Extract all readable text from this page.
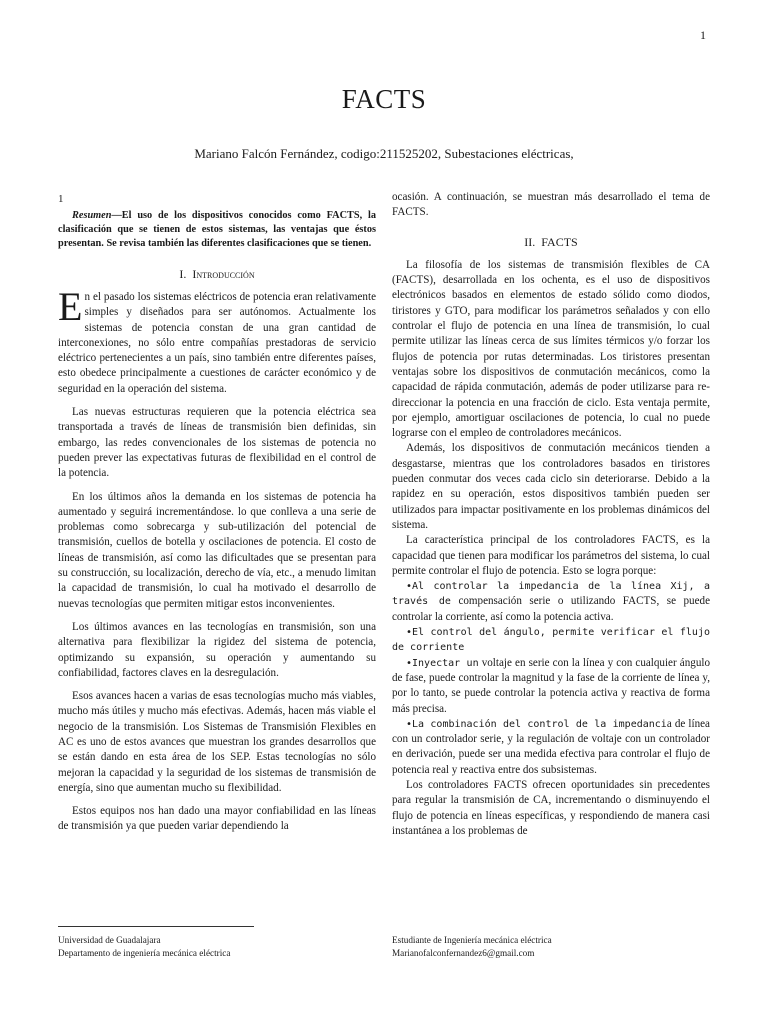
1
FACTS
Mariano Falcón Fernández, codigo:211525202, Subestaciones eléctricas,
1

Resumen—El uso de los dispositivos conocidos como FACTS, la clasificación que se tienen de estos sistemas, las ventajas que éstos presentan. Se revisa también las diferentes clasificaciones que se tienen.

I. Introducción

En el pasado los sistemas eléctricos de potencia eran relativamente simples y diseñados para ser autónomos. Actualmente los sistemas de potencia constan de una gran cantidad de interconexiones, no sólo entre compañías prestadoras de servicio eléctrico pertenecientes a un país, sino también entre diferentes países, esto obedece principalmente a cuestiones de carácter económico y de seguridad en la operación del sistema.

Las nuevas estructuras requieren que la potencia eléctrica sea transportada a través de líneas de transmisión bien definidas, sin embargo, las redes convencionales de los sistemas de potencia no pueden prever las expectativas futuras de flexibilidad en el control de la potencia.

En los últimos años la demanda en los sistemas de potencia ha aumentado y seguirá incrementándose. lo que conlleva a una serie de problemas como sobrecarga y sub-utilización del potencial de transmisión, cuellos de botella y oscilaciones de potencia. El costo de líneas de transmisión, así como las dificultades que se presentan para su construcción, su localización, derecho de vía, etc., a menudo limitan la capacidad de transmisión, lo cual ha motivado el desarrollo de nuevas tecnologías que permiten mitigar estos inconvenientes.

Los últimos avances en las tecnologías en transmisión, son una alternativa para flexibilizar la rigidez del sistema de potencia, optimizando su expansión, su operación y aumentando su confiabilidad, factores claves en la desregulación.

Esos avances hacen a varias de esas tecnologías mucho más viables, mucho más útiles y mucho más efectivas. Además, hacen más viable el negocio de la transmisión. Los Sistemas de Transmisión Flexibles en AC es uno de estos avances que muestran los grandes desarrollos que se están dando en esta área de los SEP. Estas tecnologías no sólo mejoran la capacidad y la seguridad de los sistemas de transmisión de energía, sino que aumentan mucho su flexibilidad.

Estos equipos nos han dado una mayor confiabilidad en las líneas de transmisión ya que pueden variar dependiendo la

ocasión. A continuación, se muestran más desarrollado el tema de FACTS.

II. FACTS

La filosofía de los sistemas de transmisión flexibles de CA (FACTS), desarrollada en los ochenta, es el uso de dispositivos electrónicos basados en elementos de estado sólido como diodos, tiristores y GTO, para modificar los parámetros señalados y con ello controlar el flujo de potencia en una línea de transmisión, lo cual permite utilizar las líneas cerca de sus límites térmicos y/o forzar los flujos de potencia por rutas determinadas. Los tiristores presentan ventajas sobre los dispositivos de conmutación mecánicos, como la capacidad de rápida conmutación, además de poder utilizarse para re-direccionar la potencia en una fracción de ciclo. Esta ventaja permite, por ejemplo, amortiguar oscilaciones de potencia, lo cual no puede lograrse con el empleo de controladores mecánicos.

Además, los dispositivos de conmutación mecánicos tienden a desgastarse, mientras que los controladores basados en tiristores pueden conmutar dos veces cada ciclo sin deteriorarse. Debido a la rapidez en su operación, estos dispositivos también pueden ser utilizados para impactar positivamente en los problemas dinámicos del sistema.

La característica principal de los controladores FACTS, es la capacidad que tienen para modificar los parámetros del sistema, lo cual permite controlar el flujo de potencia. Esto se logra porque:

•Al controlar la impedancia de la línea Xij, a través de compensación serie o utilizando FACTS, se puede controlar la corriente, así como la potencia activa.

•El control del ángulo, permite verificar el flujo de corriente

•Inyectar un voltaje en serie con la línea y con cualquier ángulo de fase, puede controlar la magnitud y la fase de la corriente de línea y, por lo tanto, se puede controlar la potencia activa y reactiva de forma más precisa.

•La combinación del control de la impedancia de línea con un controlador serie, y la regulación de voltaje con un controlador en derivación, puede ser una medida efectiva para controlar el flujo de potencia real y reactiva entre dos subsistemas.

Los controladores FACTS ofrecen oportunidades sin precedentes para regular la transmisión de CA, incrementando o disminuyendo el flujo de potencia en líneas específicas, y respondiendo de manera casi instantánea a los problemas de

Universidad de Guadalajara
Departamento de ingeniería mecánica eléctrica
Estudiante de Ingeniería mecánica eléctrica
Marianofalconfernandez6@gmail.com
